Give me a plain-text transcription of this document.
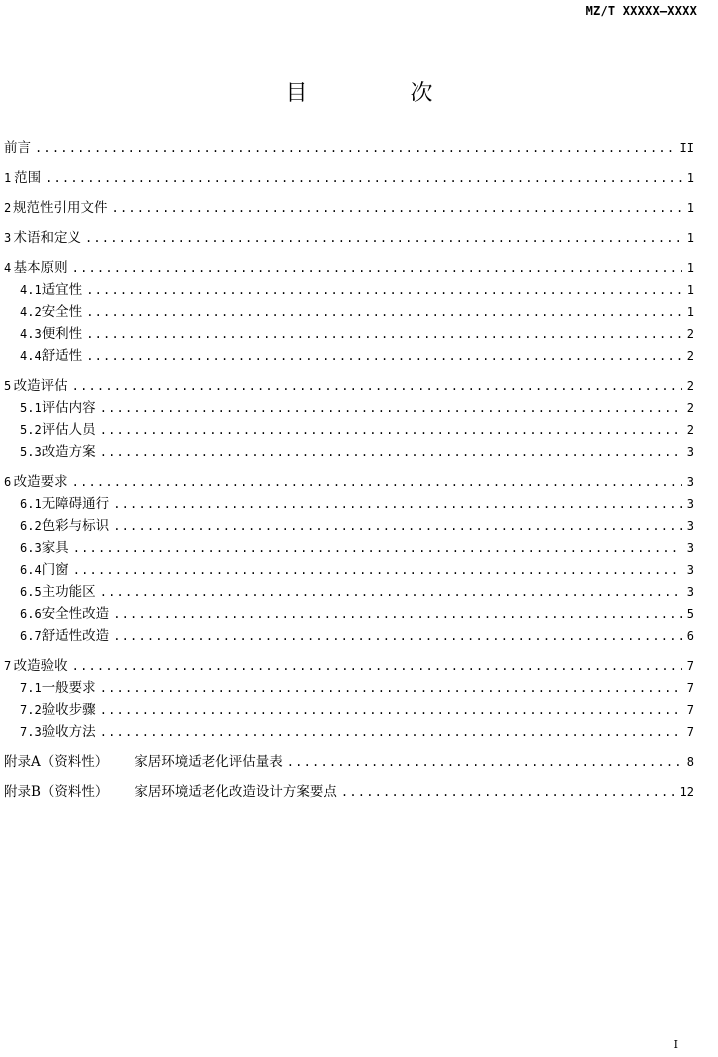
MZ/T XXXXX—XXXX
目 次
前言 .....	II
1 范围 .....	1
2 规范性引用文件 .....	1
3 术语和定义 .....	1
4 基本原则 .....	1
4.1 适宜性 .....	1
4.2 安全性 .....	1
4.3 便利性 .....	2
4.4 舒适性 .....	2
5 改造评估 .....	2
5.1 评估内容 .....	2
5.2 评估人员 .....	2
5.3 改造方案 .....	3
6 改造要求 .....	3
6.1 无障碍通行 .....	3
6.2 色彩与标识 .....	3
6.3 家具 .....	3
6.4 门窗 .....	3
6.5 主功能区 .....	3
6.6 安全性改造 .....	5
6.7 舒适性改造 .....	6
7 改造验收 .....	7
7.1 一般要求 .....	7
7.2 验收步骤 .....	7
7.3 验收方法 .....	7
附录A（资料性） 家居环境适老化评估量表 .....	8
附录B（资料性） 家居环境适老化改造设计方案要点 .....	12
I
